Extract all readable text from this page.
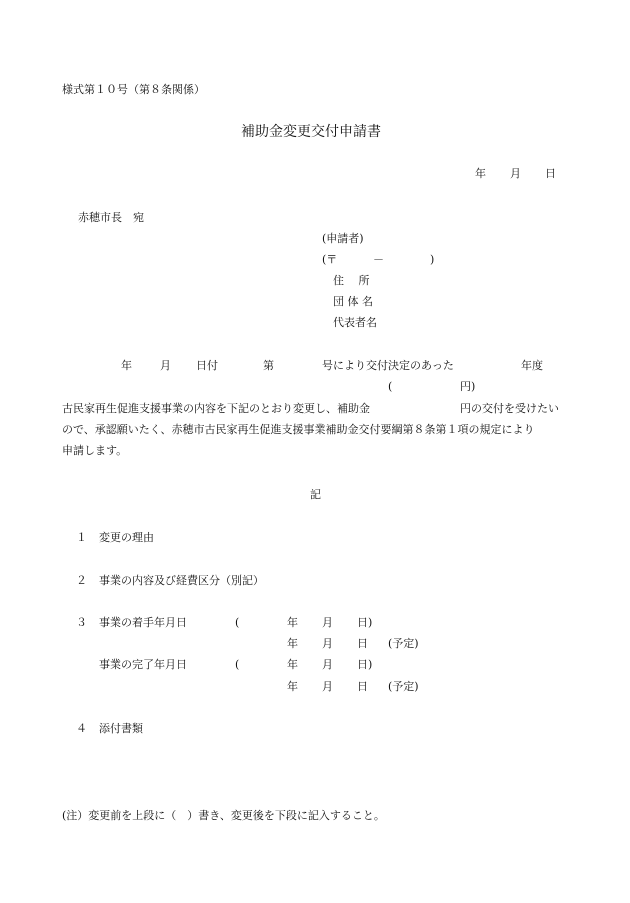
様式第１０号（第８条関係）
補助金変更交付申請書
年 月 日
赤穂市長　宛
(申請者)
(〒	－	)
住　 所
団 体 名
代表者名
年	月 日付	第	号により交付決定のあった	年度
(	円)
古民家再生促進支援事業の内容を下記のとおり変更し、補助金	円の交付を受けたい
ので、承認願いたく、赤穂市古民家再生促進支援事業補助金交付要綱第８条第１項の規定により
申請します。
記
１ 変更の理由
２ 事業の内容及び経費区分（別記）
３ 事業の着手年月日	(	年 月 日)
年 月 日 (予定)
事業の完了年月日	(	年 月 日)
年 月 日 (予定)
４ 添付書類
(注）変更前を上段に（　）書き、変更後を下段に記入すること。
